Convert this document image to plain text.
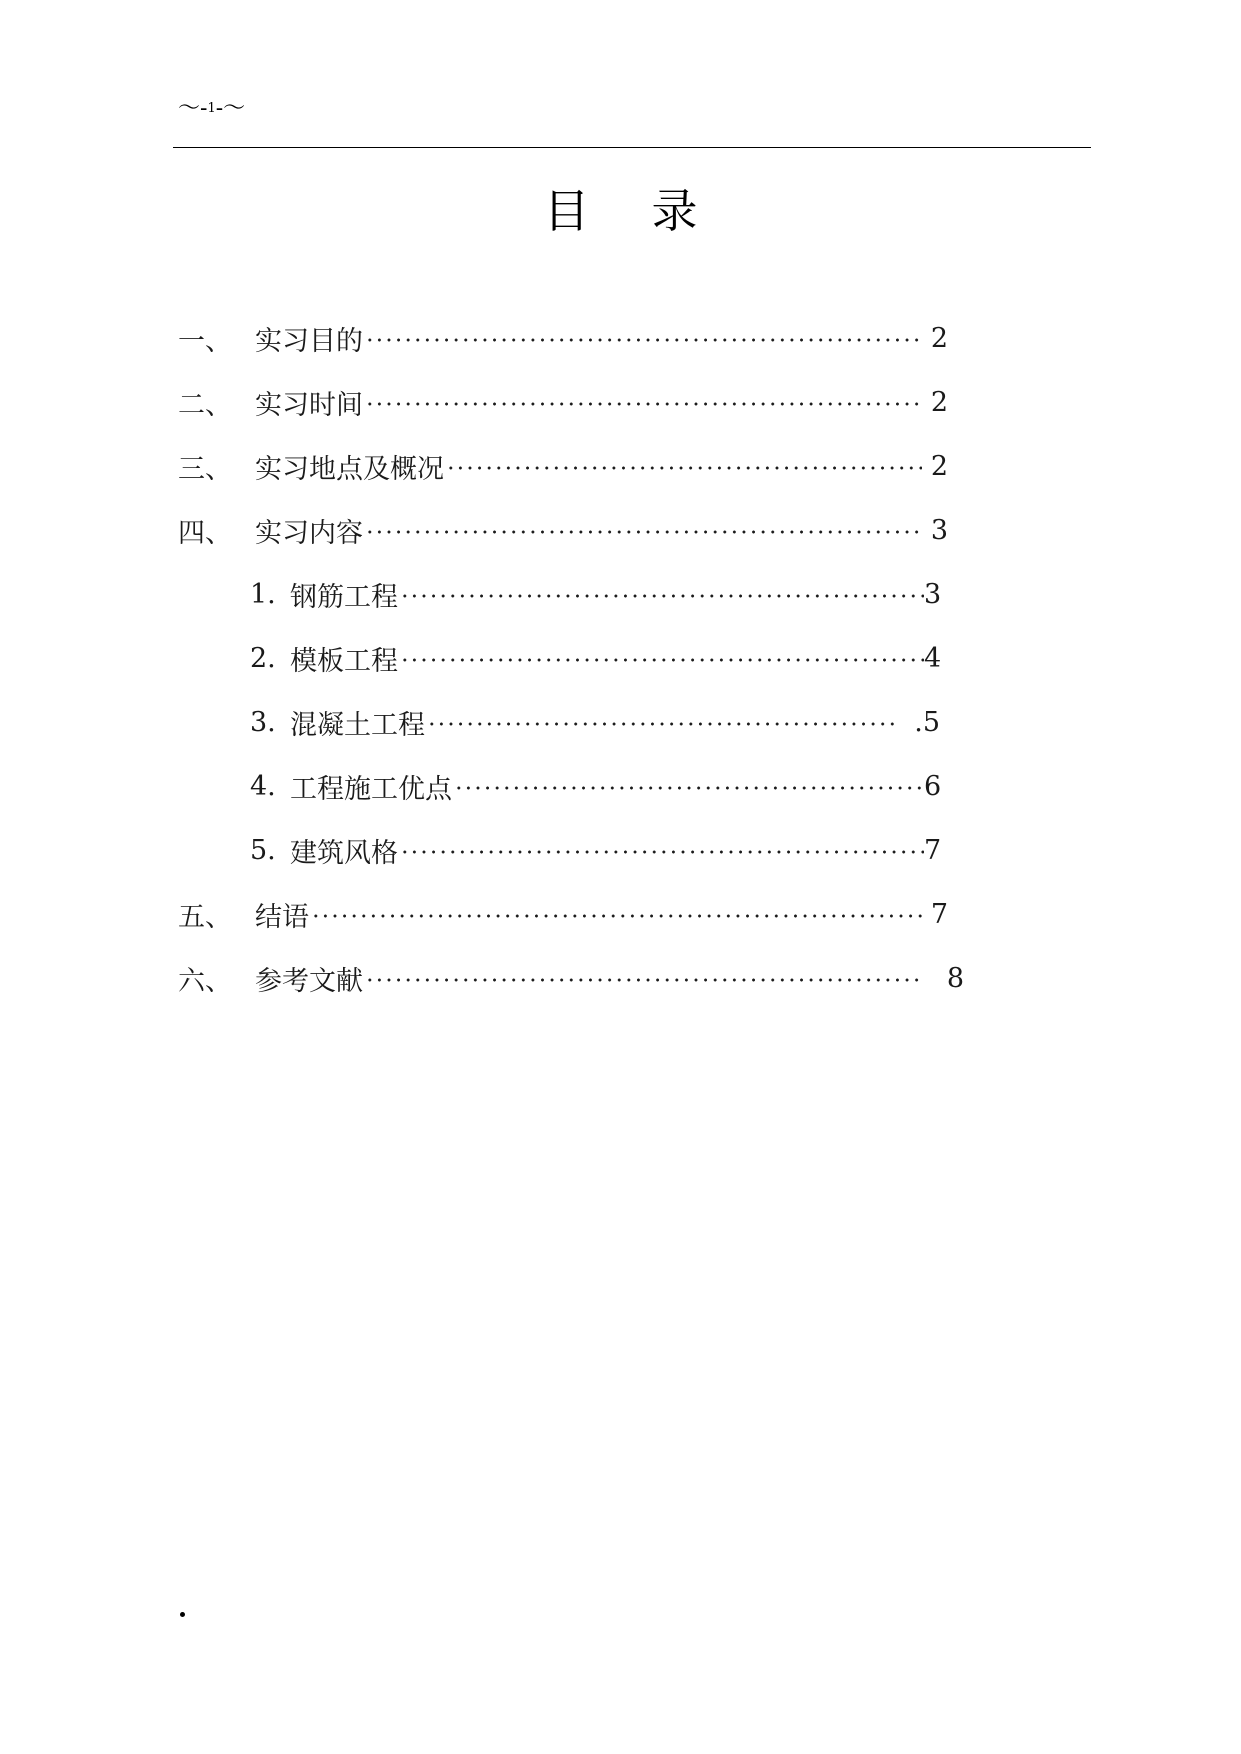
～-1-～
目录
一、 实习目的	2
二、 实习时间	2
三、 实习地点及概况	2
四、 实习内容	3
1. 钢筋工程	3
2. 模板工程	4
3. 混凝土工程	.5
4. 工程施工优点	6
5. 建筑风格	7
五、 结语	7
六、 参考文献	8
